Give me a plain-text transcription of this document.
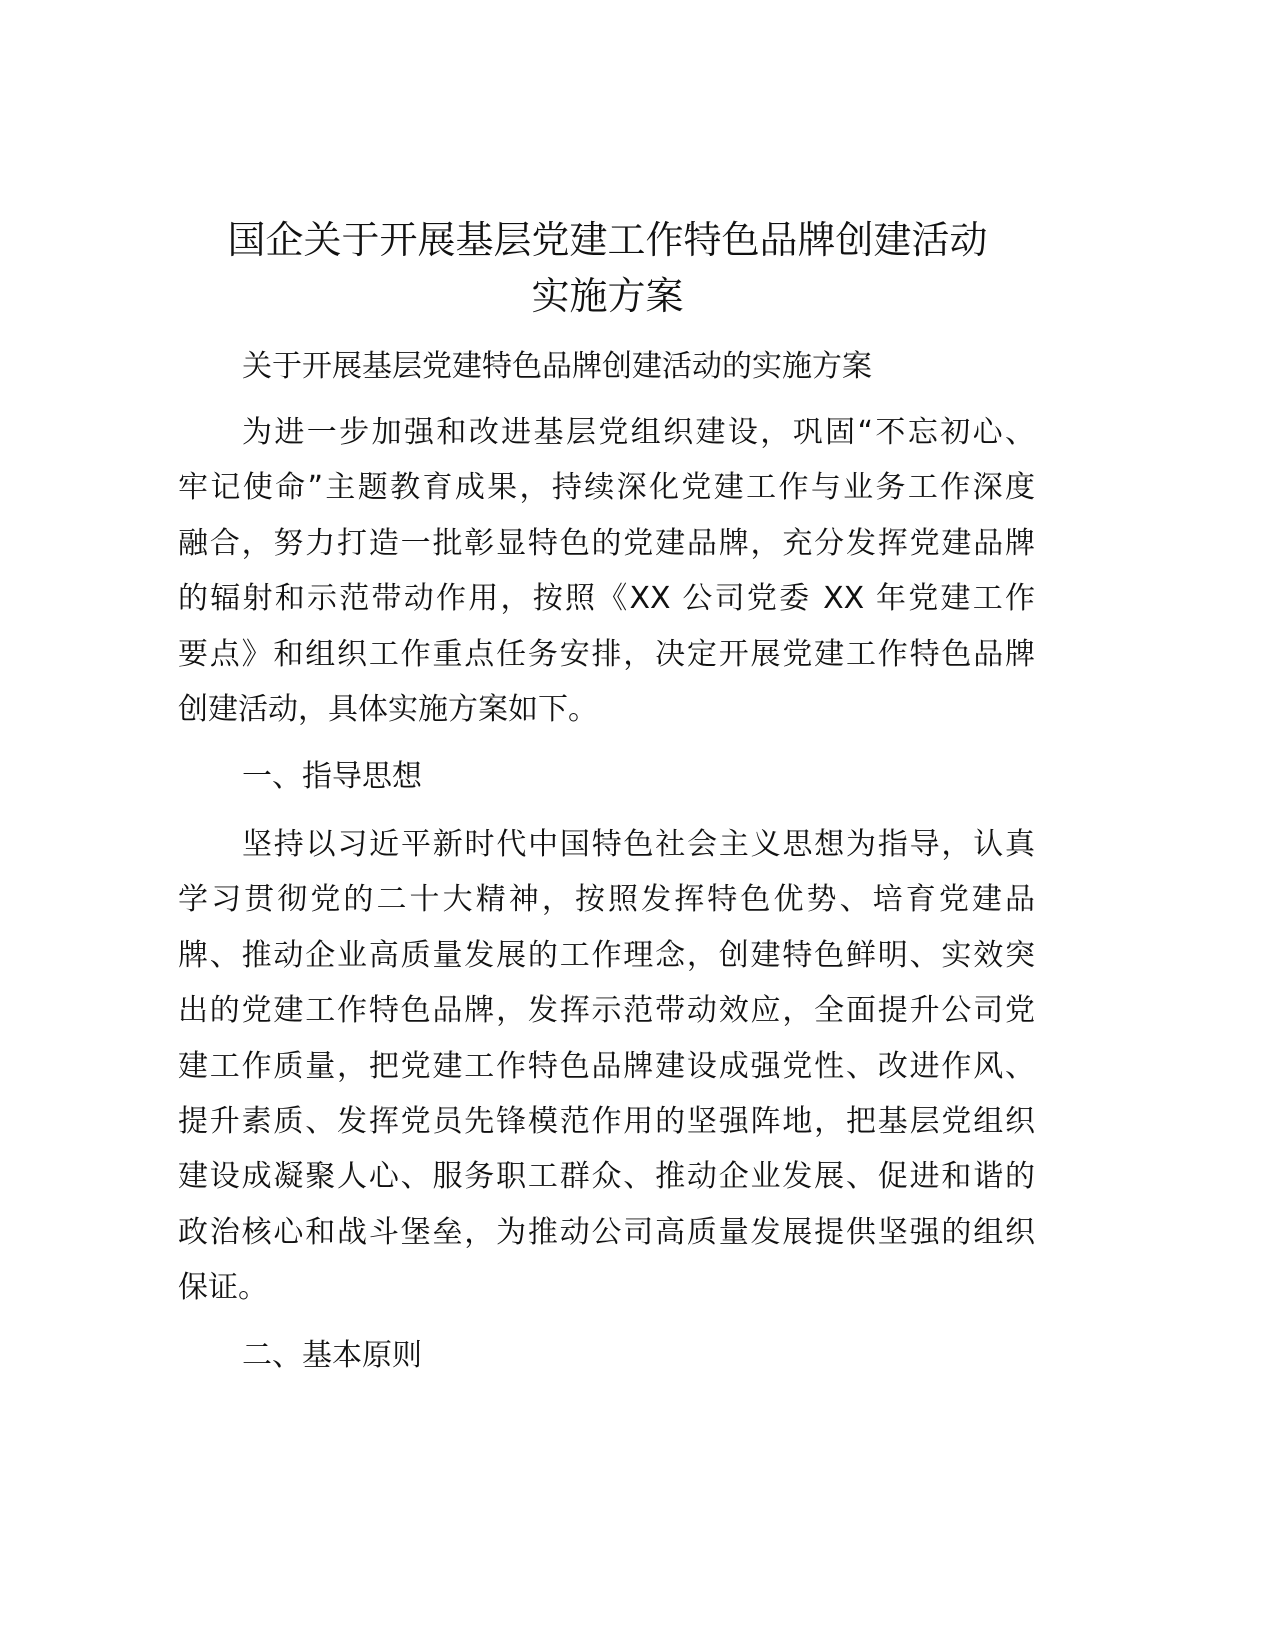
国企关于开展基层党建工作特色品牌创建活动
实施方案
关于开展基层党建特色品牌创建活动的实施方案
为进一步加强和改进基层党组织建设，巩固“不忘初心、
牢记使命”主题教育成果，持续深化党建工作与业务工作深度
融合，努力打造一批彰显特色的党建品牌，充分发挥党建品牌
的辐射和示范带动作用，按照《XX 公司党委 XX 年党建工作
要点》和组织工作重点任务安排，决定开展党建工作特色品牌
创建活动，具体实施方案如下。
一、指导思想
坚持以习近平新时代中国特色社会主义思想为指导，认真
学习贯彻党的二十大精神，按照发挥特色优势、培育党建品
牌、推动企业高质量发展的工作理念，创建特色鲜明、实效突
出的党建工作特色品牌，发挥示范带动效应，全面提升公司党
建工作质量，把党建工作特色品牌建设成强党性、改进作风、
提升素质、发挥党员先锋模范作用的坚强阵地，把基层党组织
建设成凝聚人心、服务职工群众、推动企业发展、促进和谐的
政治核心和战斗堡垒，为推动公司高质量发展提供坚强的组织
保证。
二、基本原则
